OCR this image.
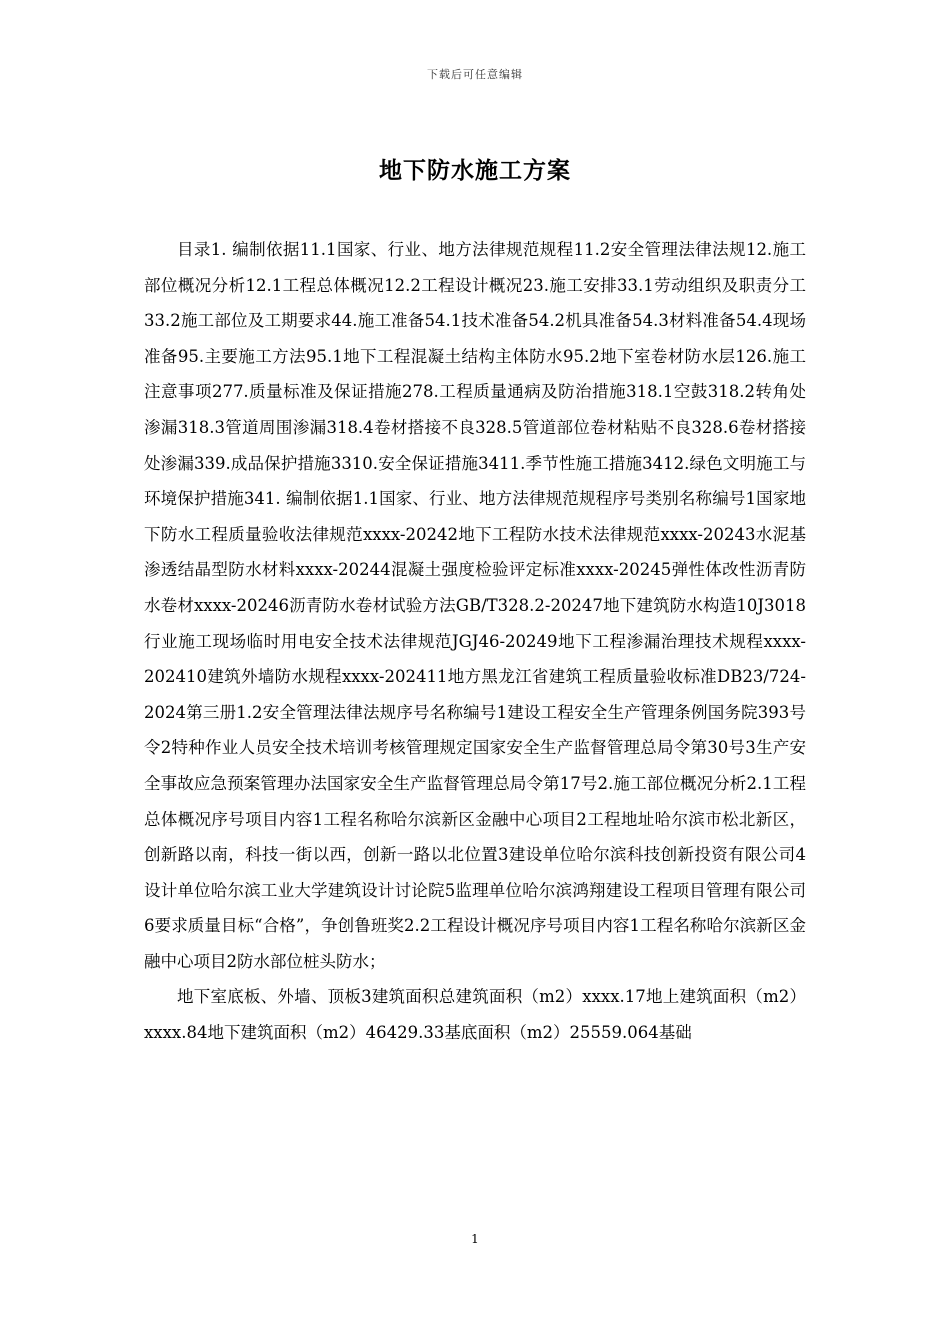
下载后可任意编辑
地下防水施工方案

目录1. 编制依据11.1国家、行业、地方法律规范规程11.2安全管理法律法规12.施工部位概况分析12.1工程总体概况12.2工程设计概况23.施工安排33.1劳动组织及职责分工33.2施工部位及工期要求44.施工准备54.1技术准备54.2机具准备54.3材料准备54.4现场准备95.主要施工方法95.1地下工程混凝土结构主体防水95.2地下室卷材防水层126.施工注意事项277.质量标准及保证措施278.工程质量通病及防治措施318.1空鼓318.2转角处渗漏318.3管道周围渗漏318.4卷材搭接不良328.5管道部位卷材粘贴不良328.6卷材搭接处渗漏339.成品保护措施3310.安全保证措施3411.季节性施工措施3412.绿色文明施工与环境保护措施341. 编制依据1.1国家、行业、地方法律规范规程序号类别名称编号1国家地下防水工程质量验收法律规范xxxx-20242地下工程防水技术法律规范xxxx-20243水泥基渗透结晶型防水材料xxxx-20244混凝土强度检验评定标准xxxx-20245弹性体改性沥青防水卷材xxxx-20246沥青防水卷材试验方法GB/T328.2-20247地下建筑防水构造10J3018行业施工现场临时用电安全技术法律规范JGJ46-20249地下工程渗漏治理技术规程xxxx-202410建筑外墙防水规程xxxx-202411地方黑龙江省建筑工程质量验收标准DB23/724-2024第三册1.2安全管理法律法规序号名称编号1建设工程安全生产管理条例国务院393号令2特种作业人员安全技术培训考核管理规定国家安全生产监督管理总局令第30号3生产安全事故应急预案管理办法国家安全生产监督管理总局令第17号2.施工部位概况分析2.1工程总体概况序号项目内容1工程名称哈尔滨新区金融中心项目2工程地址哈尔滨市松北新区，创新路以南，科技一街以西，创新一路以北位置3建设单位哈尔滨科技创新投资有限公司4设计单位哈尔滨工业大学建筑设计讨论院5监理单位哈尔滨鸿翔建设工程项目管理有限公司6要求质量目标“合格”，争创鲁班奖2.2工程设计概况序号项目内容1工程名称哈尔滨新区金融中心项目2防水部位桩头防水；

地下室底板、外墙、顶板3建筑面积总建筑面积（m2）xxxx.17地上建筑面积（m2）xxxx.84地下建筑面积（m2）46429.33基底面积（m2）25559.064基础

1
